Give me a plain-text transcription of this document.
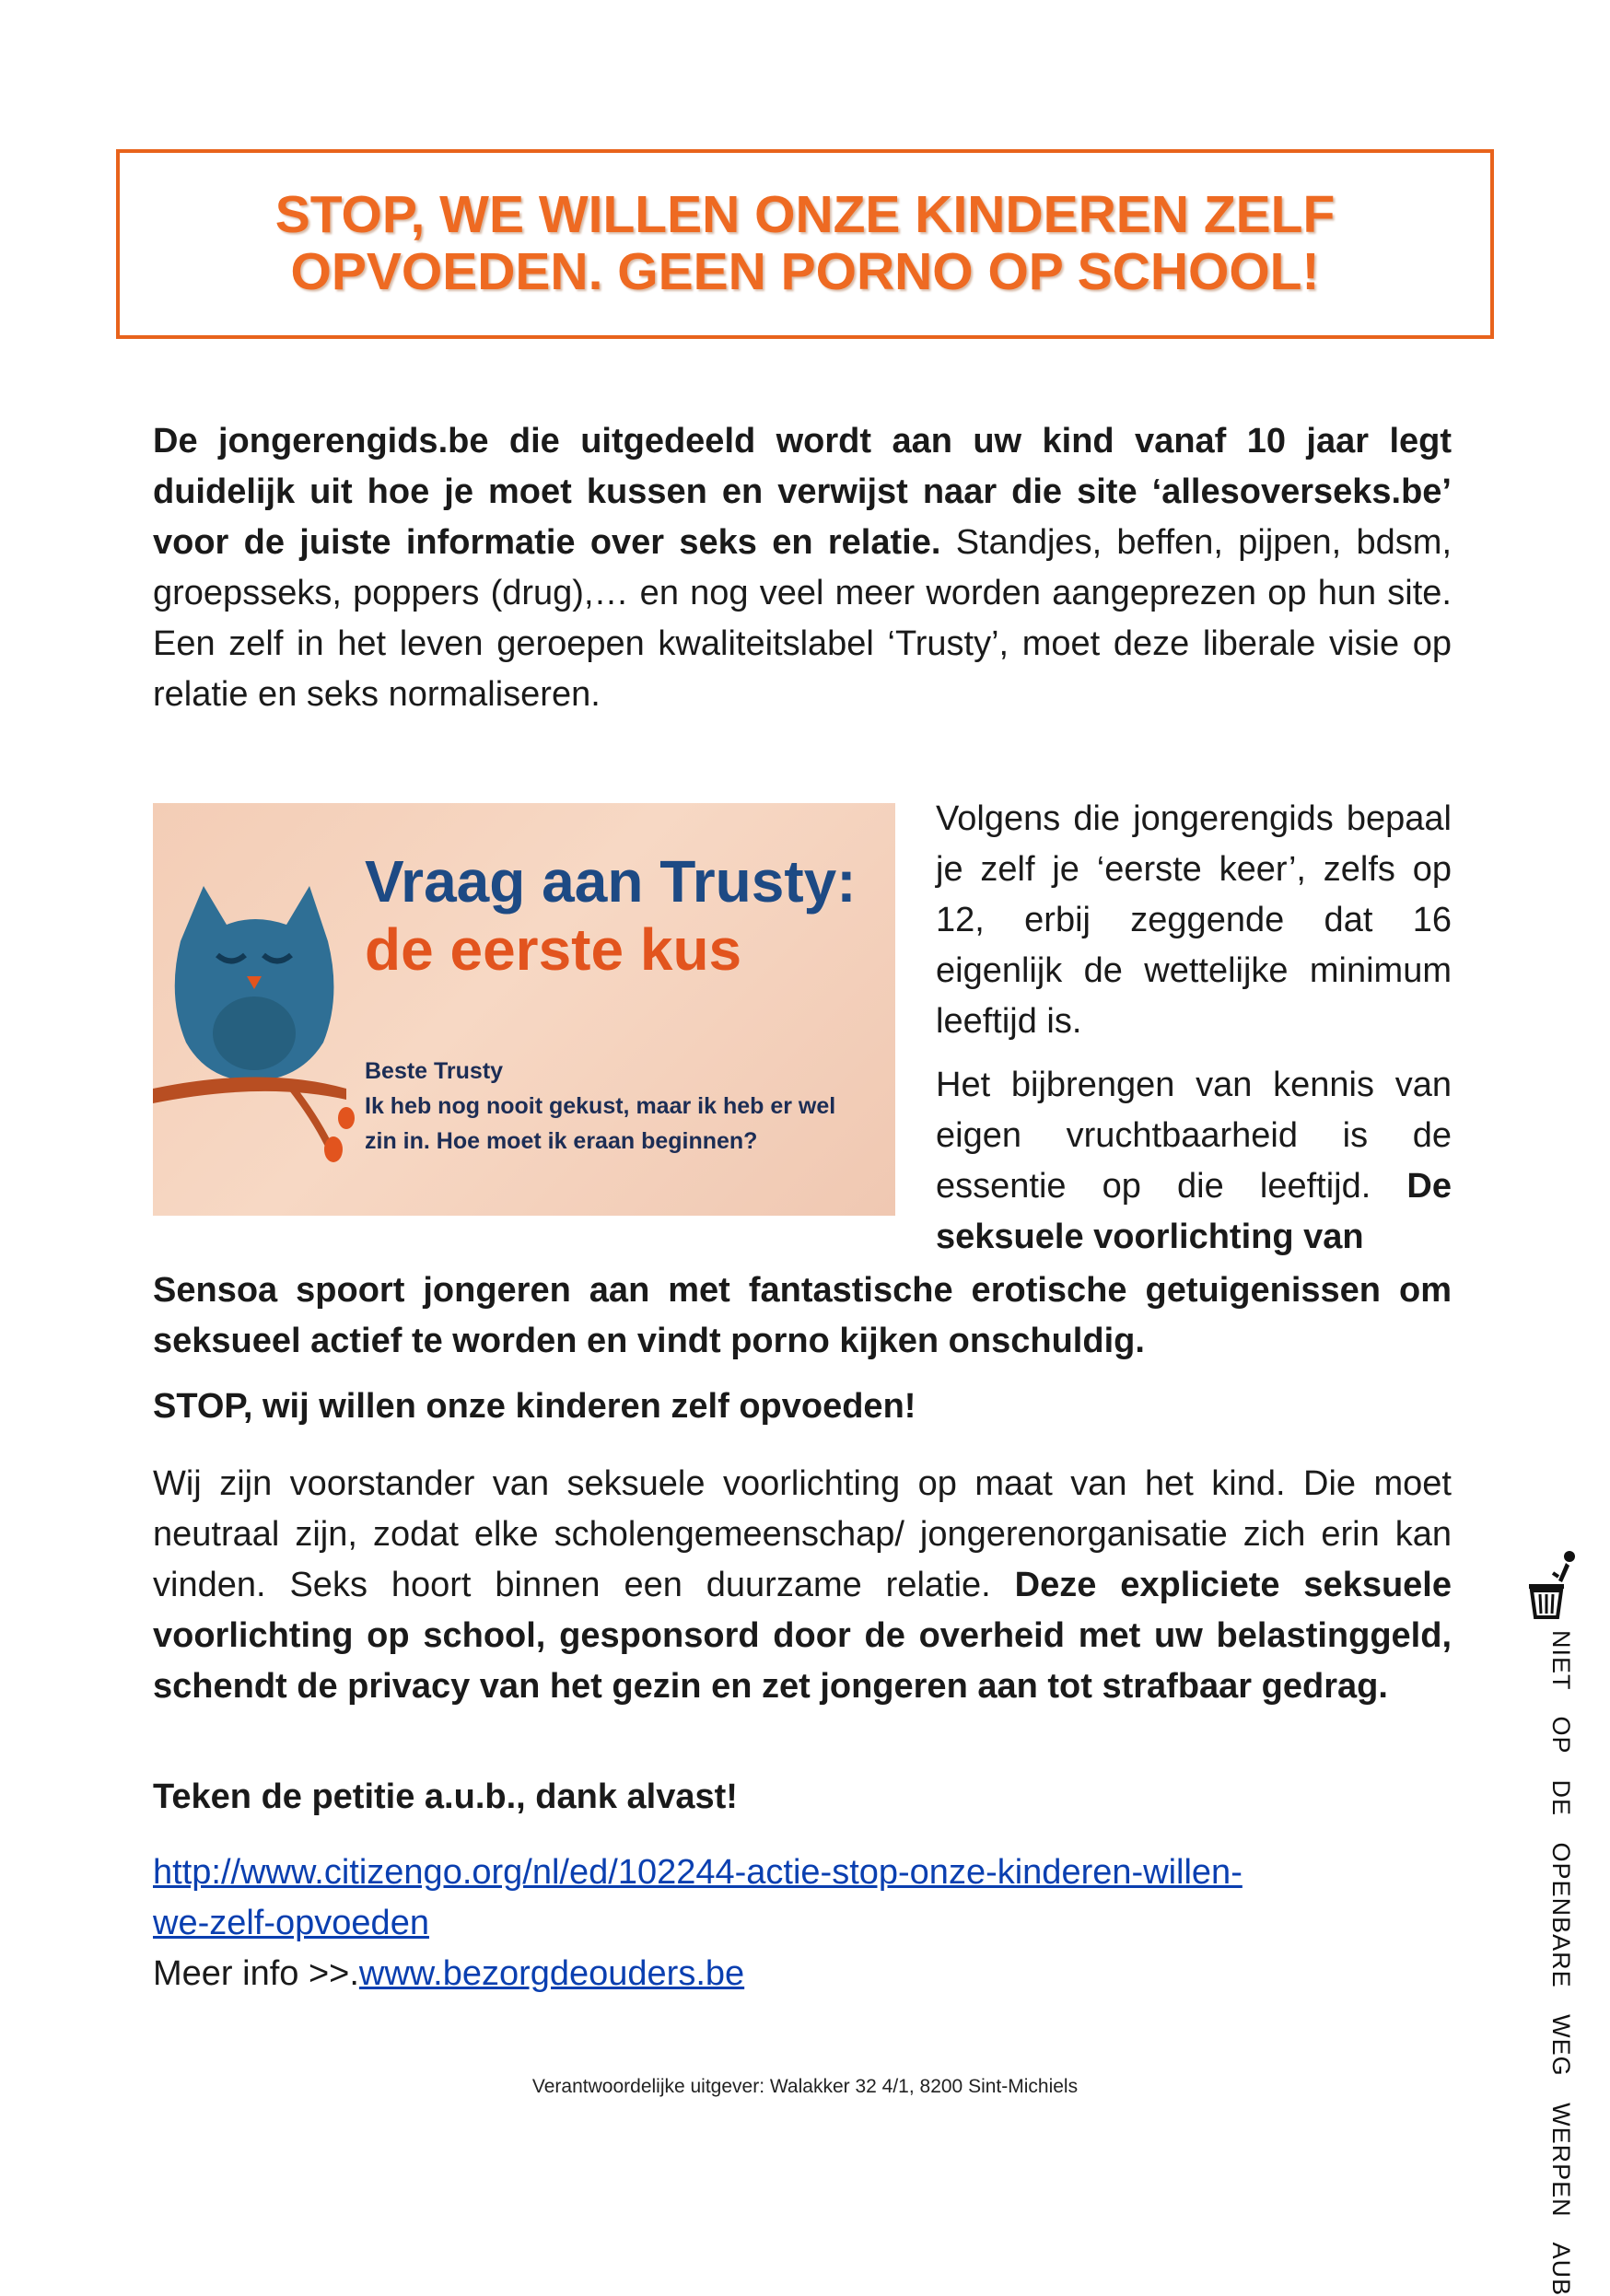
STOP, WE WILLEN ONZE KINDEREN ZELF
OPVOEDEN. GEEN PORNO OP SCHOOL!

De jongerengids.be die uitgedeeld wordt aan uw kind vanaf 10 jaar legt duidelijk uit hoe je moet kussen en verwijst naar die site ‘allesoverseks.be’ voor de juiste informatie over seks en relatie. Standjes, beffen, pijpen, bdsm, groepsseks, poppers (drug),… en nog veel meer worden aangeprezen op hun site. Een zelf in het leven geroepen kwaliteitslabel ‘Trusty’, moet deze liberale visie op relatie en seks normaliseren.

Vraag aan Trusty:
de eerste kus
Beste Trusty
Ik heb nog nooit gekust, maar ik heb er wel
zin in. Hoe moet ik eraan beginnen?

Volgens die jongerengids bepaal je zelf je ‘eerste keer’, zelfs op 12, erbij zeggende dat 16 eigenlijk de wettelijke minimum leeftijd is.

Het bijbrengen van kennis van eigen vruchtbaarheid is de essentie op die leeftijd. De seksuele voorlichting van

Sensoa spoort jongeren aan met fantastische erotische getuigenissen om seksueel actief te worden en vindt porno kijken onschuldig.

STOP, wij willen onze kinderen zelf opvoeden!

Wij zijn voorstander van seksuele voorlichting op maat van het kind. Die moet neutraal zijn, zodat elke scholengemeenschap/ jongerenorganisatie zich erin kan vinden. Seks hoort binnen een duurzame relatie. Deze expliciete seksuele voorlichting op school, gesponsord door de overheid met uw belastinggeld, schendt de privacy van het gezin en zet jongeren aan tot strafbaar gedrag.

Teken de petitie a.u.b., dank alvast!

http://www.citizengo.org/nl/ed/102244-actie-stop-onze-kinderen-willen-
we-zelf-opvoeden
Meer info >>.www.bezorgdeouders.be
Verantwoordelijke uitgever: Walakker 32 4/1, 8200 Sint-Michiels	NIET OP DE OPENBARE WEG WERPEN AUB
